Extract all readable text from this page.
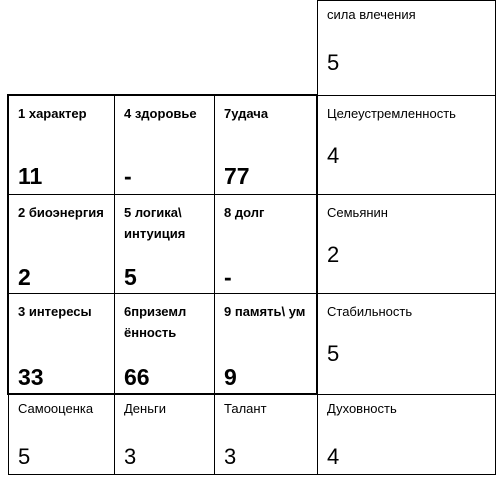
сила влечения
5
1 характер
11
4 здоровье
-
7удача
77
Целеустремленность
4
2 биоэнергия
2
5 логика\ интуиция
5
8 долг
-
Семьянин
2
3 интересы
33
6приземлённость
66
9 память\ ум
9
Стабильность
5
Самооценка
5
Деньги
3
Талант
3
Духовность
4
